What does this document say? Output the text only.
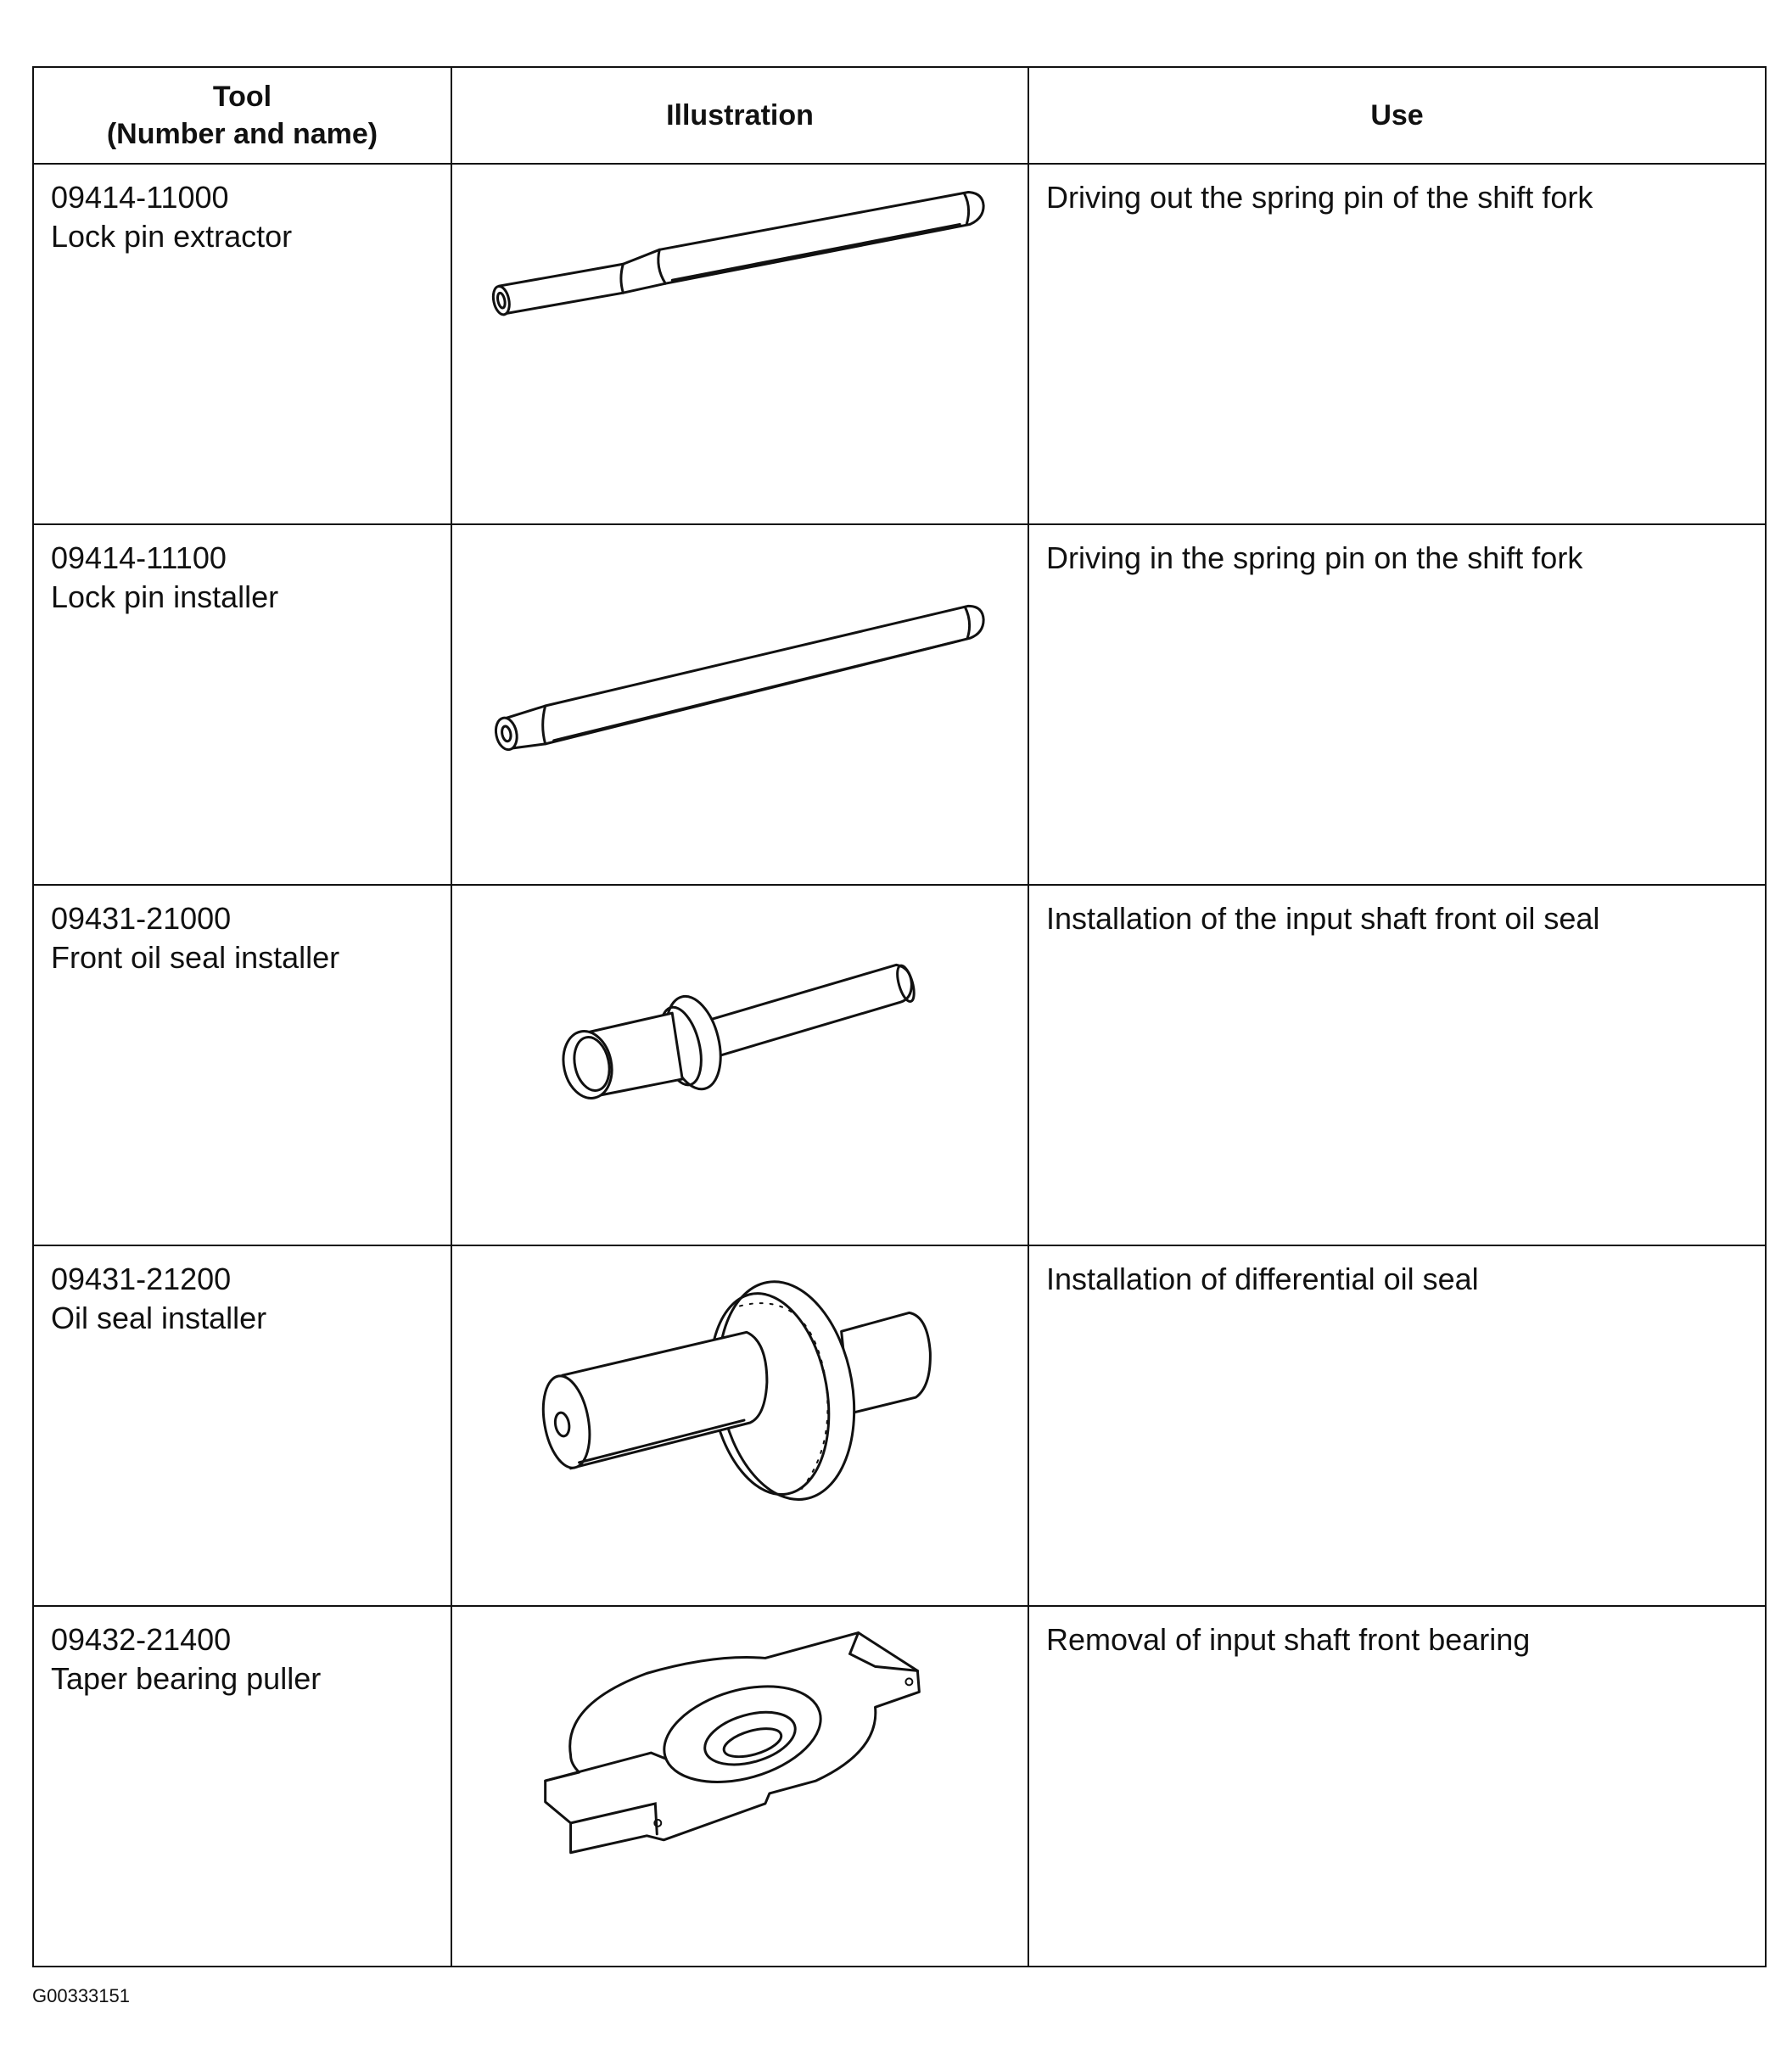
Tool
(Number and name)	Illustration	Use

09414-11000
Lock pin extractor		Driving out the spring pin of the shift fork

09414-11100
Lock pin installer		Driving in the spring pin on the shift fork

09431-21000
Front oil seal installer		Installation of the input shaft front oil seal

09431-21200
Oil seal installer		Installation of differential oil seal

09432-21400
Taper bearing puller		Removal of input shaft front bearing
G00333151
